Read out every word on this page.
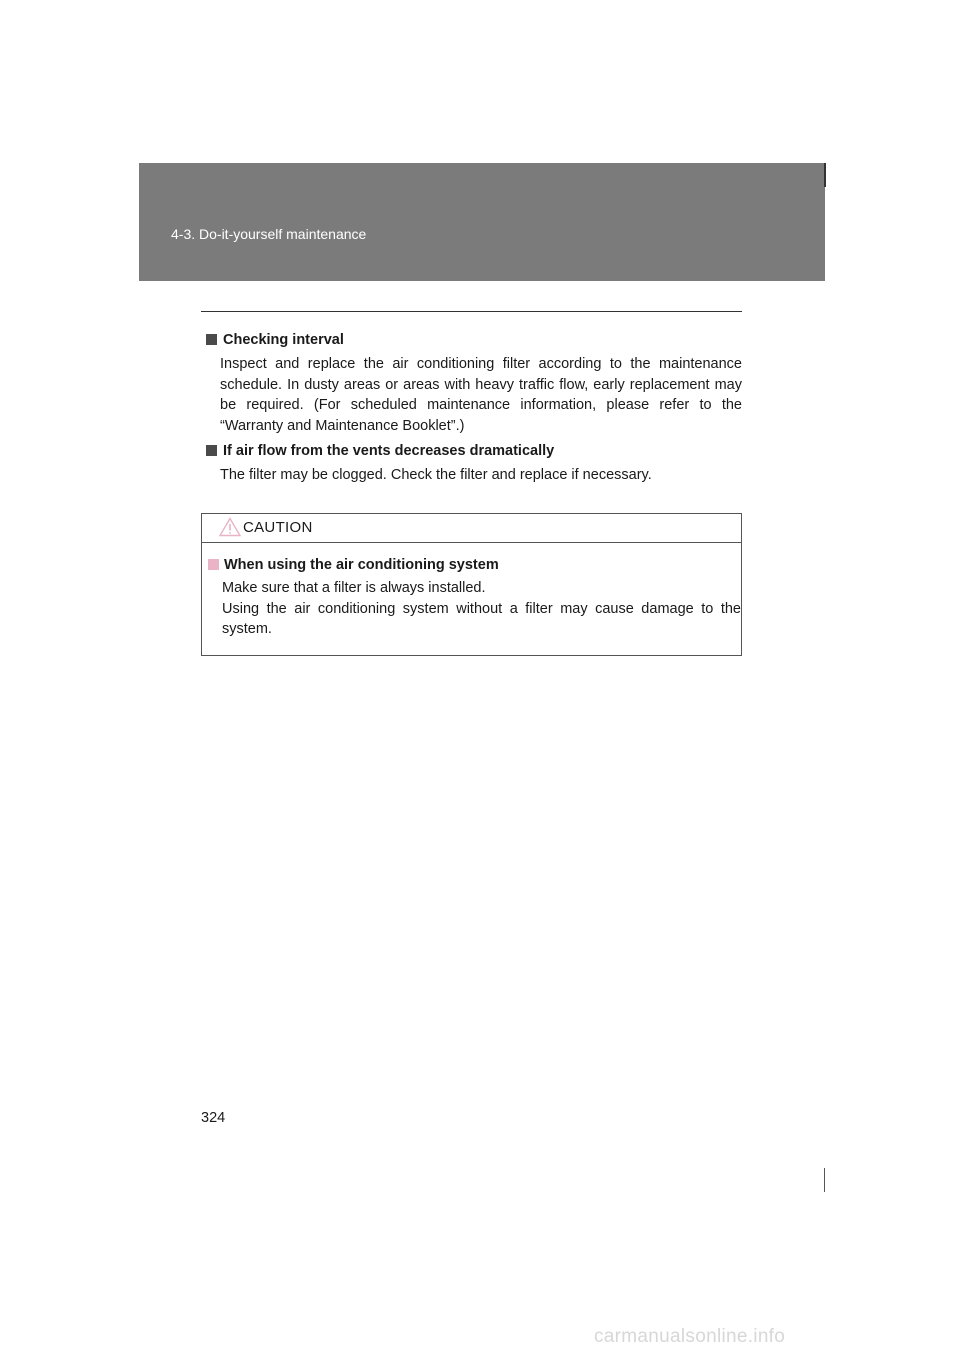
4-3. Do-it-yourself maintenance
Checking interval
Inspect and replace the air conditioning filter according to the maintenance schedule. In dusty areas or areas with heavy traffic flow, early replacement may be required. (For scheduled maintenance information, please refer to the “Warranty and Maintenance Booklet”.)
If air flow from the vents decreases dramatically
The filter may be clogged. Check the filter and replace if necessary.
CAUTION
When using the air conditioning system

Make sure that a filter is always installed.

Using the air conditioning system without a filter may cause damage to the system.

324
carmanualsonline.info
